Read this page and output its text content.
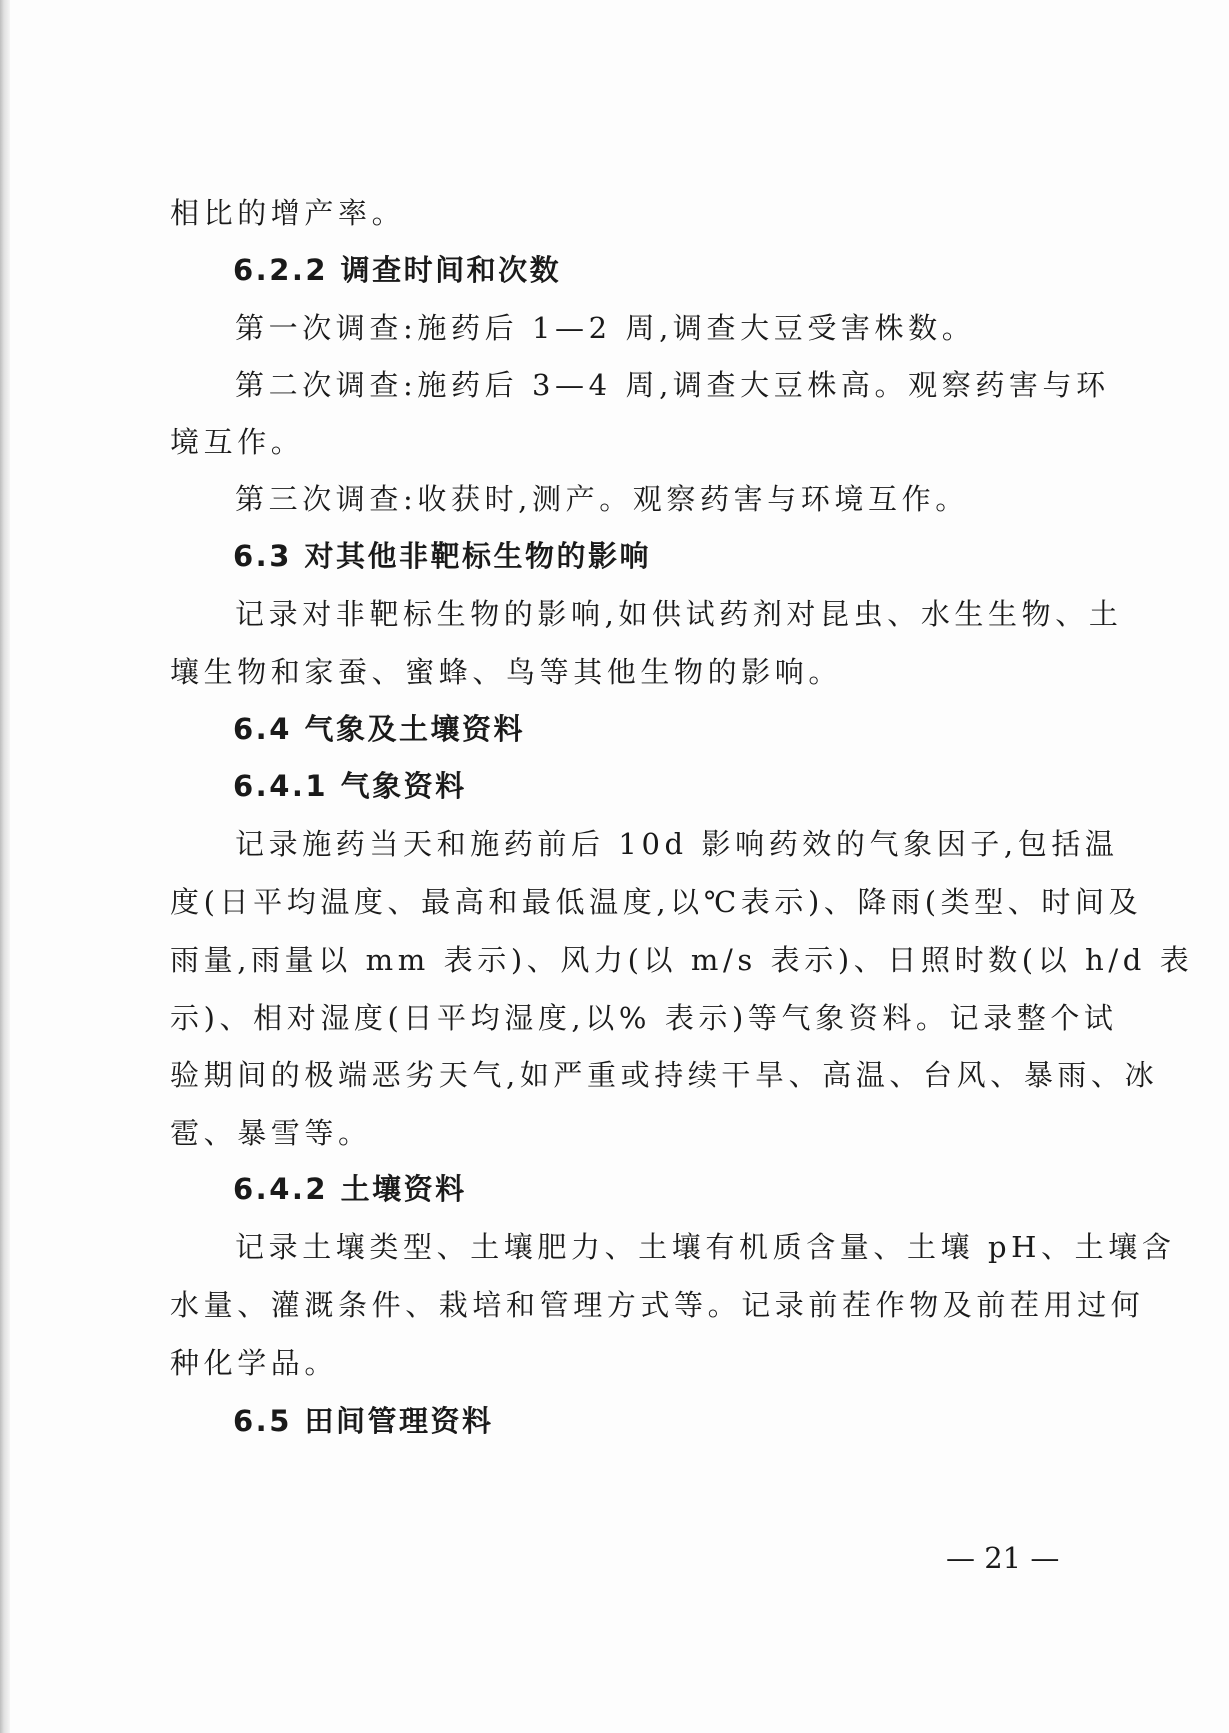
相比的增产率。
6.2.2 调查时间和次数
第一次调查:施药后 1—2 周,调查大豆受害株数。
第二次调查:施药后 3—4 周,调查大豆株高。观察药害与环
境互作。
第三次调查:收获时,测产。观察药害与环境互作。
6.3 对其他非靶标生物的影响
记录对非靶标生物的影响,如供试药剂对昆虫、水生生物、土
壤生物和家蚕、蜜蜂、鸟等其他生物的影响。
6.4 气象及土壤资料
6.4.1 气象资料
记录施药当天和施药前后 10d 影响药效的气象因子,包括温
度(日平均温度、最高和最低温度,以℃表示)、降雨(类型、时间及
雨量,雨量以 mm 表示)、风力(以 m/s 表示)、日照时数(以 h/d 表
示)、相对湿度(日平均湿度,以% 表示)等气象资料。记录整个试
验期间的极端恶劣天气,如严重或持续干旱、高温、台风、暴雨、冰
雹、暴雪等。
6.4.2 土壤资料
记录土壤类型、土壤肥力、土壤有机质含量、土壤 pH、土壤含
水量、灌溉条件、栽培和管理方式等。记录前茬作物及前茬用过何
种化学品。
6.5 田间管理资料
— 21 —
